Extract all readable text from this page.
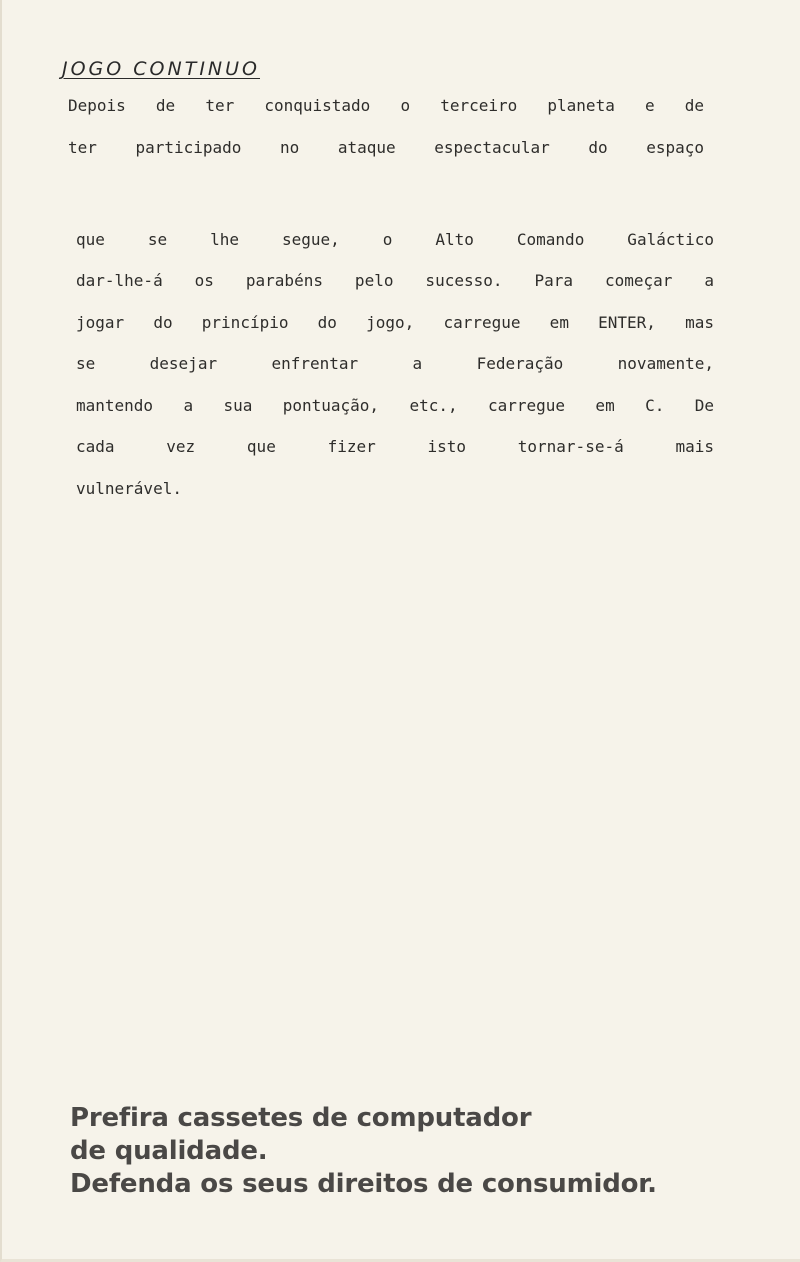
JOGO CONTINUO
Depois de ter conquistado o terceiro planeta e de
ter participado no ataque espectacular do espaço
que se lhe segue, o Alto Comando Galáctico
dar-lhe-á os parabéns pelo sucesso. Para começar a
jogar do princípio do jogo, carregue em ENTER, mas
se desejar enfrentar a Federação novamente,
mantendo a sua pontuação, etc., carregue em C. De
cada vez que fizer isto tornar-se-á mais
vulnerável.
Prefira cassetes de computador
de qualidade.
Defenda os seus direitos de consumidor.
